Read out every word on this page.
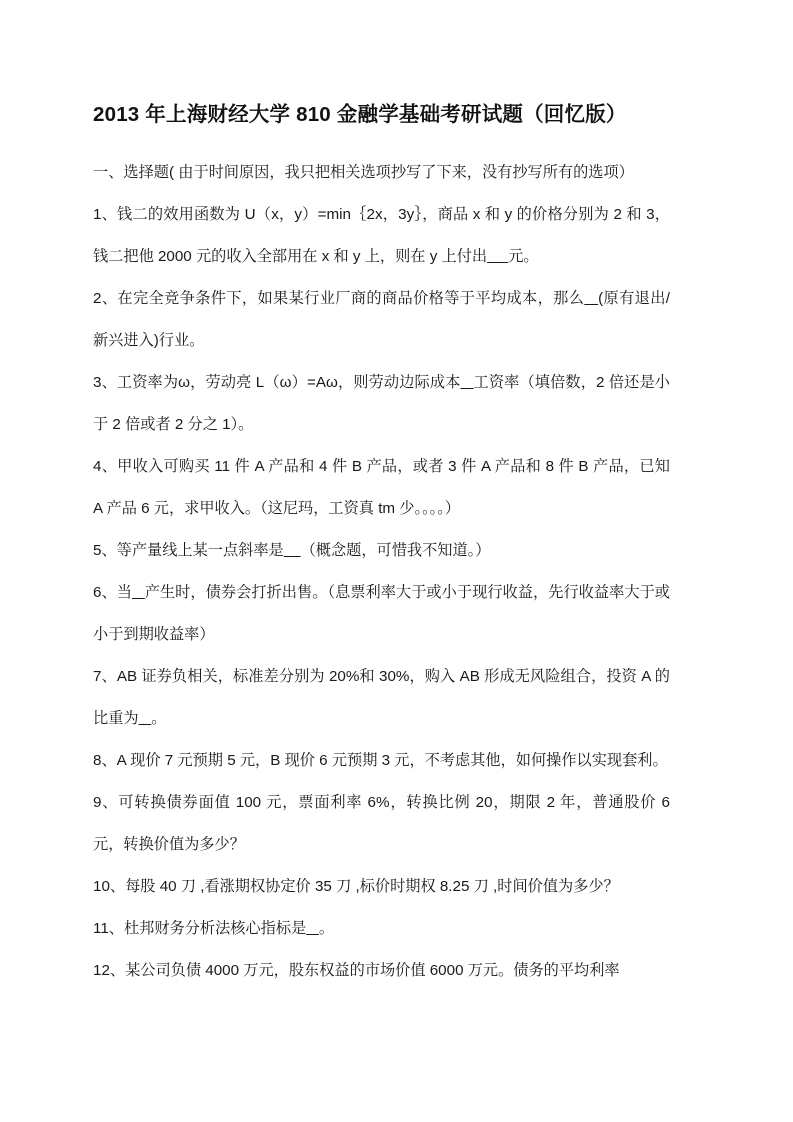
2013 年上海财经大学 810 金融学基础考研试题（回忆版）

一、选择题( 由于时间原因，我只把相关选项抄写了下来，没有抄写所有的选项）

1、钱二的效用函数为 U（x，y）=min｛2x，3y｝，商品 x 和 y 的价格分别为 2 和 3，钱二把他 2000 元的收入全部用在 x 和 y 上，则在 y 上付出 元。

2、在完全竞争条件下，如果某行业厂商的商品价格等于平均成本，那么 (原有退出/新兴进入)行业。

3、工资率为ω，劳动亮 L（ω）=Aω，则劳动边际成本 工资率（填倍数，2 倍还是小于 2 倍或者 2 分之 1）。

4、甲收入可购买 11 件 A 产品和 4 件 B 产品，或者 3 件 A 产品和 8 件 B 产品，已知 A 产品 6 元，求甲收入。（这尼玛，工资真 tm 少。。。。）

5、等产量线上某一点斜率是 （概念题，可惜我不知道。）

6、当 产生时，债券会打折出售。（息票利率大于或小于现行收益，先行收益率大于或小于到期收益率）

7、AB 证券负相关，标准差分别为 20%和 30%，购入 AB 形成无风险组合，投资 A 的比重为 。

8、A 现价 7 元预期 5 元，B 现价 6 元预期 3 元，不考虑其他，如何操作以实现套利。

9、可转换债券面值 100 元，票面利率 6%，转换比例 20，期限 2 年，普通股价 6 元，转换价值为多少？

10、每股 40 刀 ,看涨期权协定价 35 刀 ,标价时期权 8.25 刀 ,时间价值为多少？

11、杜邦财务分析法核心指标是 。

12、某公司负债 4000 万元，股东权益的市场价值 6000 万元。债务的平均利率
